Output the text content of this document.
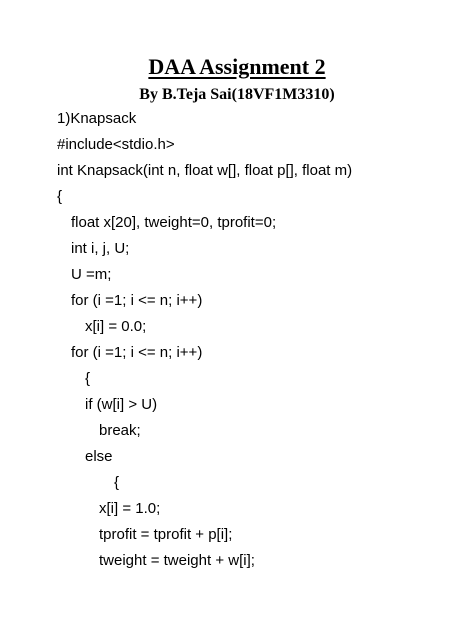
DAA Assignment 2
By B.Teja Sai(18VF1M3310)
1)Knapsack
#include<stdio.h>
int Knapsack(int n, float w[], float p[], float m)
{
float x[20], tweight=0, tprofit=0;
int i, j, U;
U =m;
for (i =1; i <= n; i++)
x[i] = 0.0;
for (i =1; i <= n; i++)
{
if (w[i] > U)
break;
else
{
x[i] = 1.0;
tprofit = tprofit + p[i];
tweight = tweight + w[i];
